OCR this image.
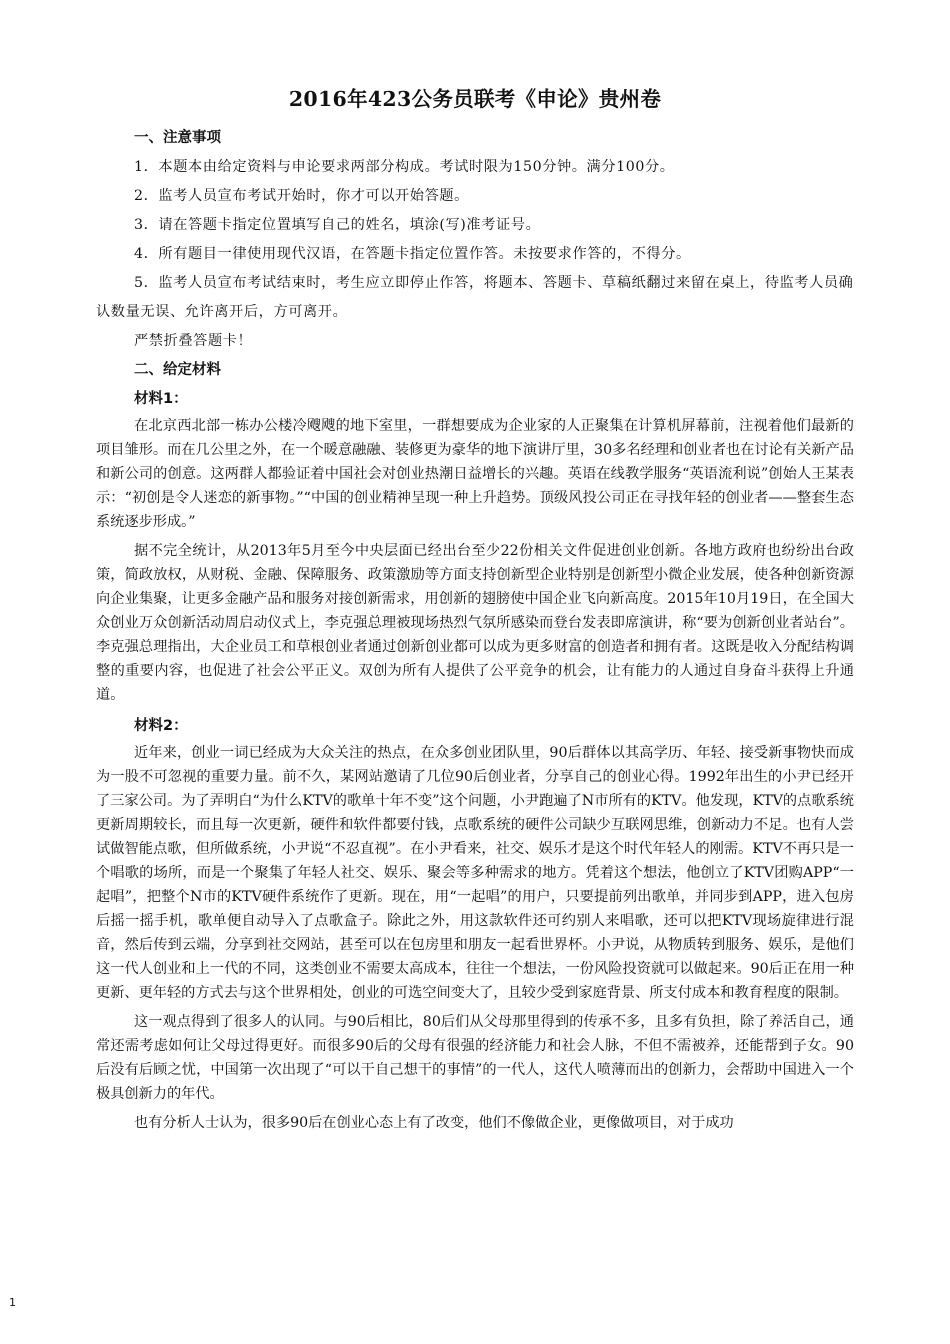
2016年423公务员联考《申论》贵州卷
一、注意事项

1．本题本由给定资料与申论要求两部分构成。考试时限为150分钟。满分100分。

2．监考人员宣布考试开始时，你才可以开始答题。

3．请在答题卡指定位置填写自己的姓名，填涂(写)准考证号。

4．所有题目一律使用现代汉语，在答题卡指定位置作答。未按要求作答的，不得分。

5．监考人员宣布考试结束时，考生应立即停止作答，将题本、答题卡、草稿纸翻过来留在桌上，待监考人员确认数量无误、允许离开后，方可离开。

严禁折叠答题卡！

二、给定材料
材料1：

在北京西北部一栋办公楼冷飕飕的地下室里，一群想要成为企业家的人正聚集在计算机屏幕前，注视着他们最新的项目雏形。而在几公里之外，在一个暖意融融、装修更为豪华的地下演讲厅里，30多名经理和创业者也在讨论有关新产品和新公司的创意。这两群人都验证着中国社会对创业热潮日益增长的兴趣。英语在线教学服务“英语流利说”创始人王某表示：“初创是令人迷恋的新事物。”“中国的创业精神呈现一种上升趋势。顶级风投公司正在寻找年轻的创业者——整套生态系统逐步形成。”

据不完全统计，从2013年5月至今中央层面已经出台至少22份相关文件促进创业创新。各地方政府也纷纷出台政策，简政放权，从财税、金融、保障服务、政策激励等方面支持创新型企业特别是创新型小微企业发展，使各种创新资源向企业集聚，让更多金融产品和服务对接创新需求，用创新的翅膀使中国企业飞向新高度。2015年10月19日，在全国大众创业万众创新活动周启动仪式上，李克强总理被现场热烈气氛所感染而登台发表即席演讲，称“要为创新创业者站台”。李克强总理指出，大企业员工和草根创业者通过创新创业都可以成为更多财富的创造者和拥有者。这既是收入分配结构调整的重要内容，也促进了社会公平正义。双创为所有人提供了公平竞争的机会，让有能力的人通过自身奋斗获得上升通道。

材料2：

近年来，创业一词已经成为大众关注的热点，在众多创业团队里，90后群体以其高学历、年轻、接受新事物快而成为一股不可忽视的重要力量。前不久，某网站邀请了几位90后创业者，分享自己的创业心得。1992年出生的小尹已经开了三家公司。为了弄明白“为什么KTV的歌单十年不变”这个问题，小尹跑遍了N市所有的KTV。他发现，KTV的点歌系统更新周期较长，而且每一次更新，硬件和软件都要付钱，点歌系统的硬件公司缺少互联网思维，创新动力不足。也有人尝试做智能点歌，但所做系统，小尹说“不忍直视”。在小尹看来，社交、娱乐才是这个时代年轻人的刚需。KTV不再只是一个唱歌的场所，而是一个聚集了年轻人社交、娱乐、聚会等多种需求的地方。凭着这个想法，他创立了KTV团购APP“一起唱”，把整个N市的KTV硬件系统作了更新。现在，用“一起唱”的用户，只要提前列出歌单，并同步到APP，进入包房后摇一摇手机，歌单便自动导入了点歌盒子。除此之外，用这款软件还可约别人来唱歌，还可以把KTV现场旋律进行混音，然后传到云端，分享到社交网站，甚至可以在包房里和朋友一起看世界杯。小尹说，从物质转到服务、娱乐，是他们这一代人创业和上一代的不同，这类创业不需要太高成本，往往一个想法，一份风险投资就可以做起来。90后正在用一种更新、更年轻的方式去与这个世界相处，创业的可选空间变大了，且较少受到家庭背景、所支付成本和教育程度的限制。

这一观点得到了很多人的认同。与90后相比，80后们从父母那里得到的传承不多，且多有负担，除了养活自己，通常还需考虑如何让父母过得更好。而很多90后的父母有很强的经济能力和社会人脉，不但不需被养，还能帮到子女。90后没有后顾之忧，中国第一次出现了“可以干自己想干的事情”的一代人，这代人喷薄而出的创新力，会帮助中国进入一个极具创新力的年代。

也有分析人士认为，很多90后在创业心态上有了改变，他们不像做企业，更像做项目，对于成功

1
